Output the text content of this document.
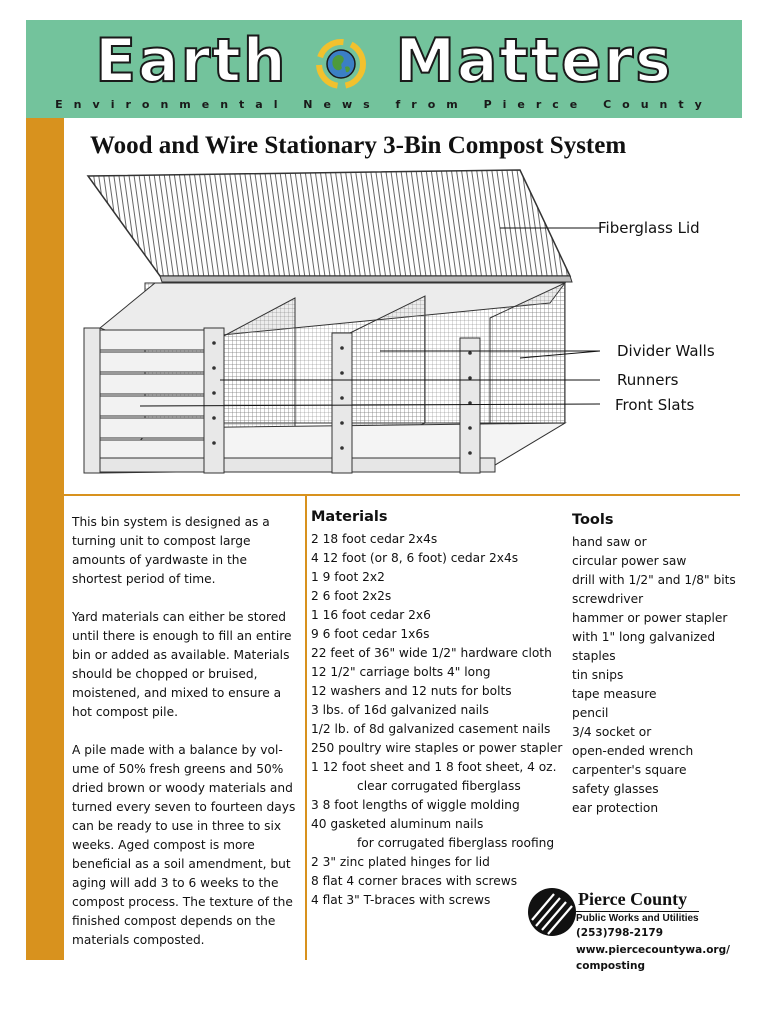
Earth Matters
Environmental News from Pierce County
Wood and Wire Stationary 3-Bin Compost System
Fiberglass Lid
Divider Walls
Runners
Front Slats

This bin system is designed as a turning unit to compost large amounts of yardwaste in the shortest period of time.

Yard materials can either be stored until there is enough to fill an entire bin or added as available. Materials should be chopped or bruised, moistened, and mixed to ensure a hot compost pile.

A pile made with a balance by vol-ume of 50% fresh greens and 50% dried brown or woody materials and turned every seven to fourteen days can be ready to use in three to six weeks. Aged compost is more beneficial as a soil amendment, but aging will add 3 to 6 weeks to the compost process. The texture of the finished compost depends on the materials composted.

Materials
2 18 foot cedar 2x4s
4 12 foot (or 8, 6 foot) cedar 2x4s
1 9 foot 2x2
2 6 foot 2x2s
1 16 foot cedar 2x6
9 6 foot cedar 1x6s
22 feet of 36" wide 1/2" hardware cloth
12 1/2" carriage bolts 4" long
12 washers and 12 nuts for bolts
3 lbs. of 16d galvanized nails
1/2 lb. of 8d galvanized casement nails
250 poultry wire staples or power stapler
1 12 foot sheet and 1 8 foot sheet, 4 oz.
clear corrugated fiberglass
3 8 foot lengths of wiggle molding
40 gasketed aluminum nails
for corrugated fiberglass roofing
2 3" zinc plated hinges for lid
8 flat 4 corner braces with screws
4 flat 3" T-braces with screws
Tools
hand saw or
circular power saw
drill with 1/2" and 1/8" bits
screwdriver
hammer or power stapler
with 1" long galvanized
staples
tin snips
tape measure
pencil
3/4 socket or
open-ended wrench
carpenter's square
safety glasses
ear protection
Pierce County
Public Works and Utilities
(253)798-2179
www.piercecountywa.org/
composting
